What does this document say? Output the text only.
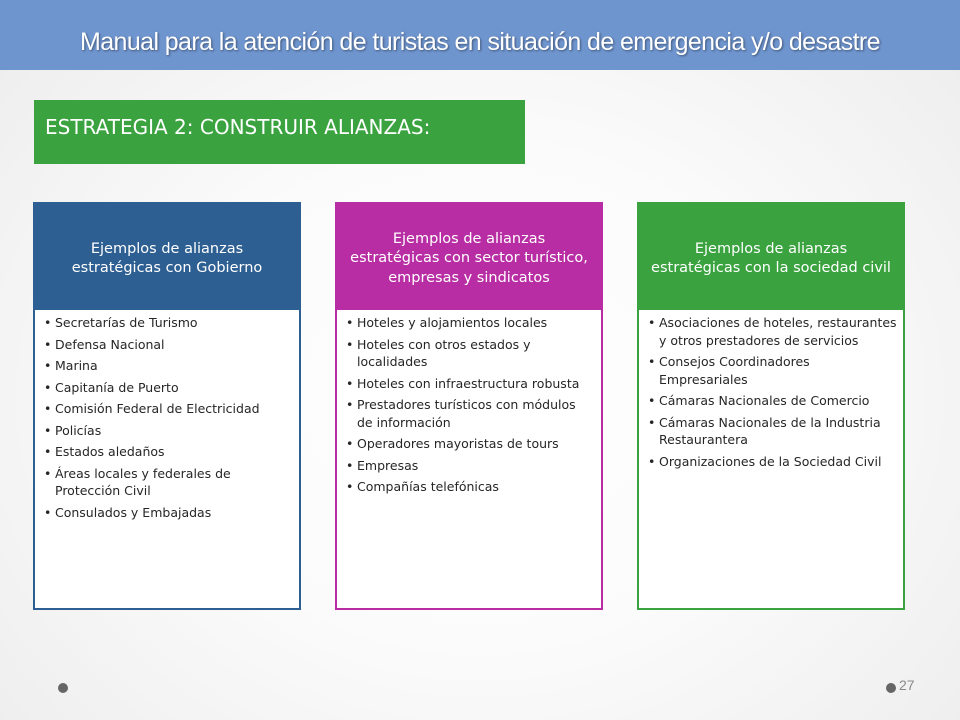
Manual para la atención de turistas en situación de emergencia y/o desastre
ESTRATEGIA 2: CONSTRUIR ALIANZAS:
Ejemplos de alianzas estratégicas con Gobierno
• Secretarías de Turismo
• Defensa Nacional
• Marina
• Capitanía de Puerto
• Comisión Federal de Electricidad
• Policías
• Estados aledaños
• Áreas locales y federales de Protección Civil
• Consulados y Embajadas
Ejemplos de alianzas estratégicas con sector turístico, empresas y sindicatos
• Hoteles y alojamientos locales
• Hoteles con otros estados y localidades
• Hoteles con infraestructura robusta
• Prestadores turísticos con módulos de información
• Operadores mayoristas de tours
• Empresas
• Compañías telefónicas
Ejemplos de alianzas estratégicas con la sociedad civil
• Asociaciones de hoteles, restaurantes y otros prestadores de servicios
• Consejos Coordinadores Empresariales
• Cámaras Nacionales de Comercio
• Cámaras Nacionales de la Industria Restaurantera
• Organizaciones de la Sociedad Civil
27
